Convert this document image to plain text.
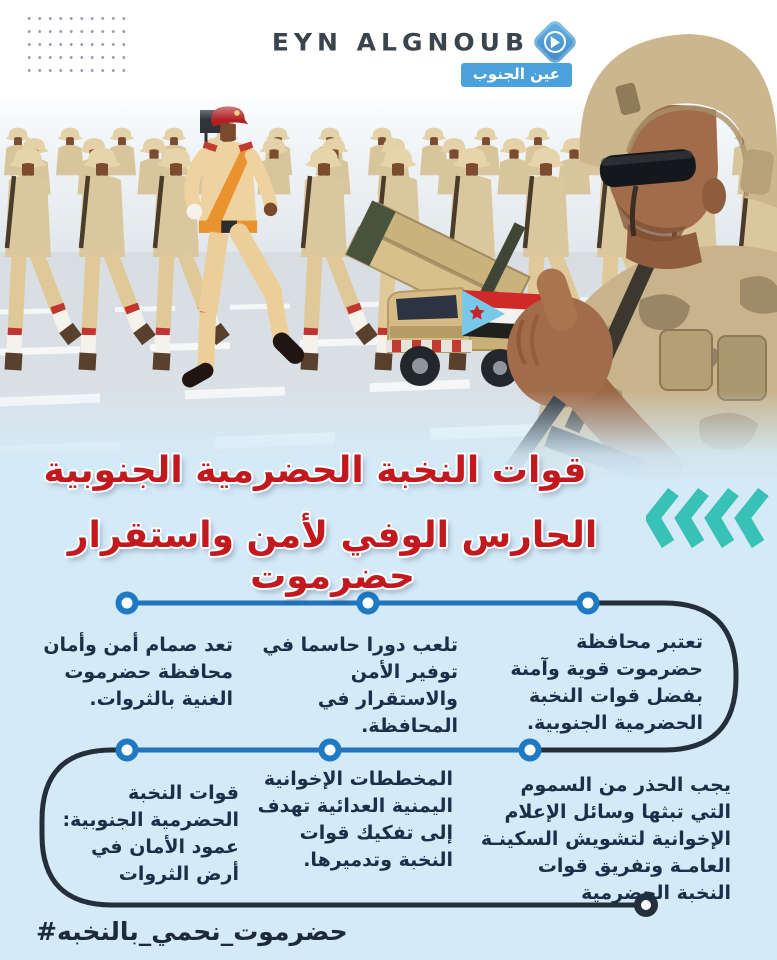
EYN ALGNOUB
عين الجنوب
قوات النخبة الحضرمية الجنوبية
الحارس الوفي لأمن واستقرار حضرموت
تعتبر محافظة حضرموت قوية وآمنة بفضل قوات النخبة الحضرمية الجنوبية.
تلعب دورا حاسما في توفير الأمن والاستقرار في المحافظة.
تعد صمام أمن وأمان محافظة حضرموت الغنية بالثروات.
يجب الحذر من السموم التي تبثها وسائل الإعلام الإخوانية لتشويش السكينـة العامـة وتفريق قوات النخبة الحضرمية
المخططات الإخوانية اليمنية العدائية تهدف إلى تفكيك قوات النخبة وتدميرها.
قوات النخبة الحضرمية الجنوبية: عمود الأمان في أرض الثروات
# بالنخبه _ نحمي _ حضرموت
